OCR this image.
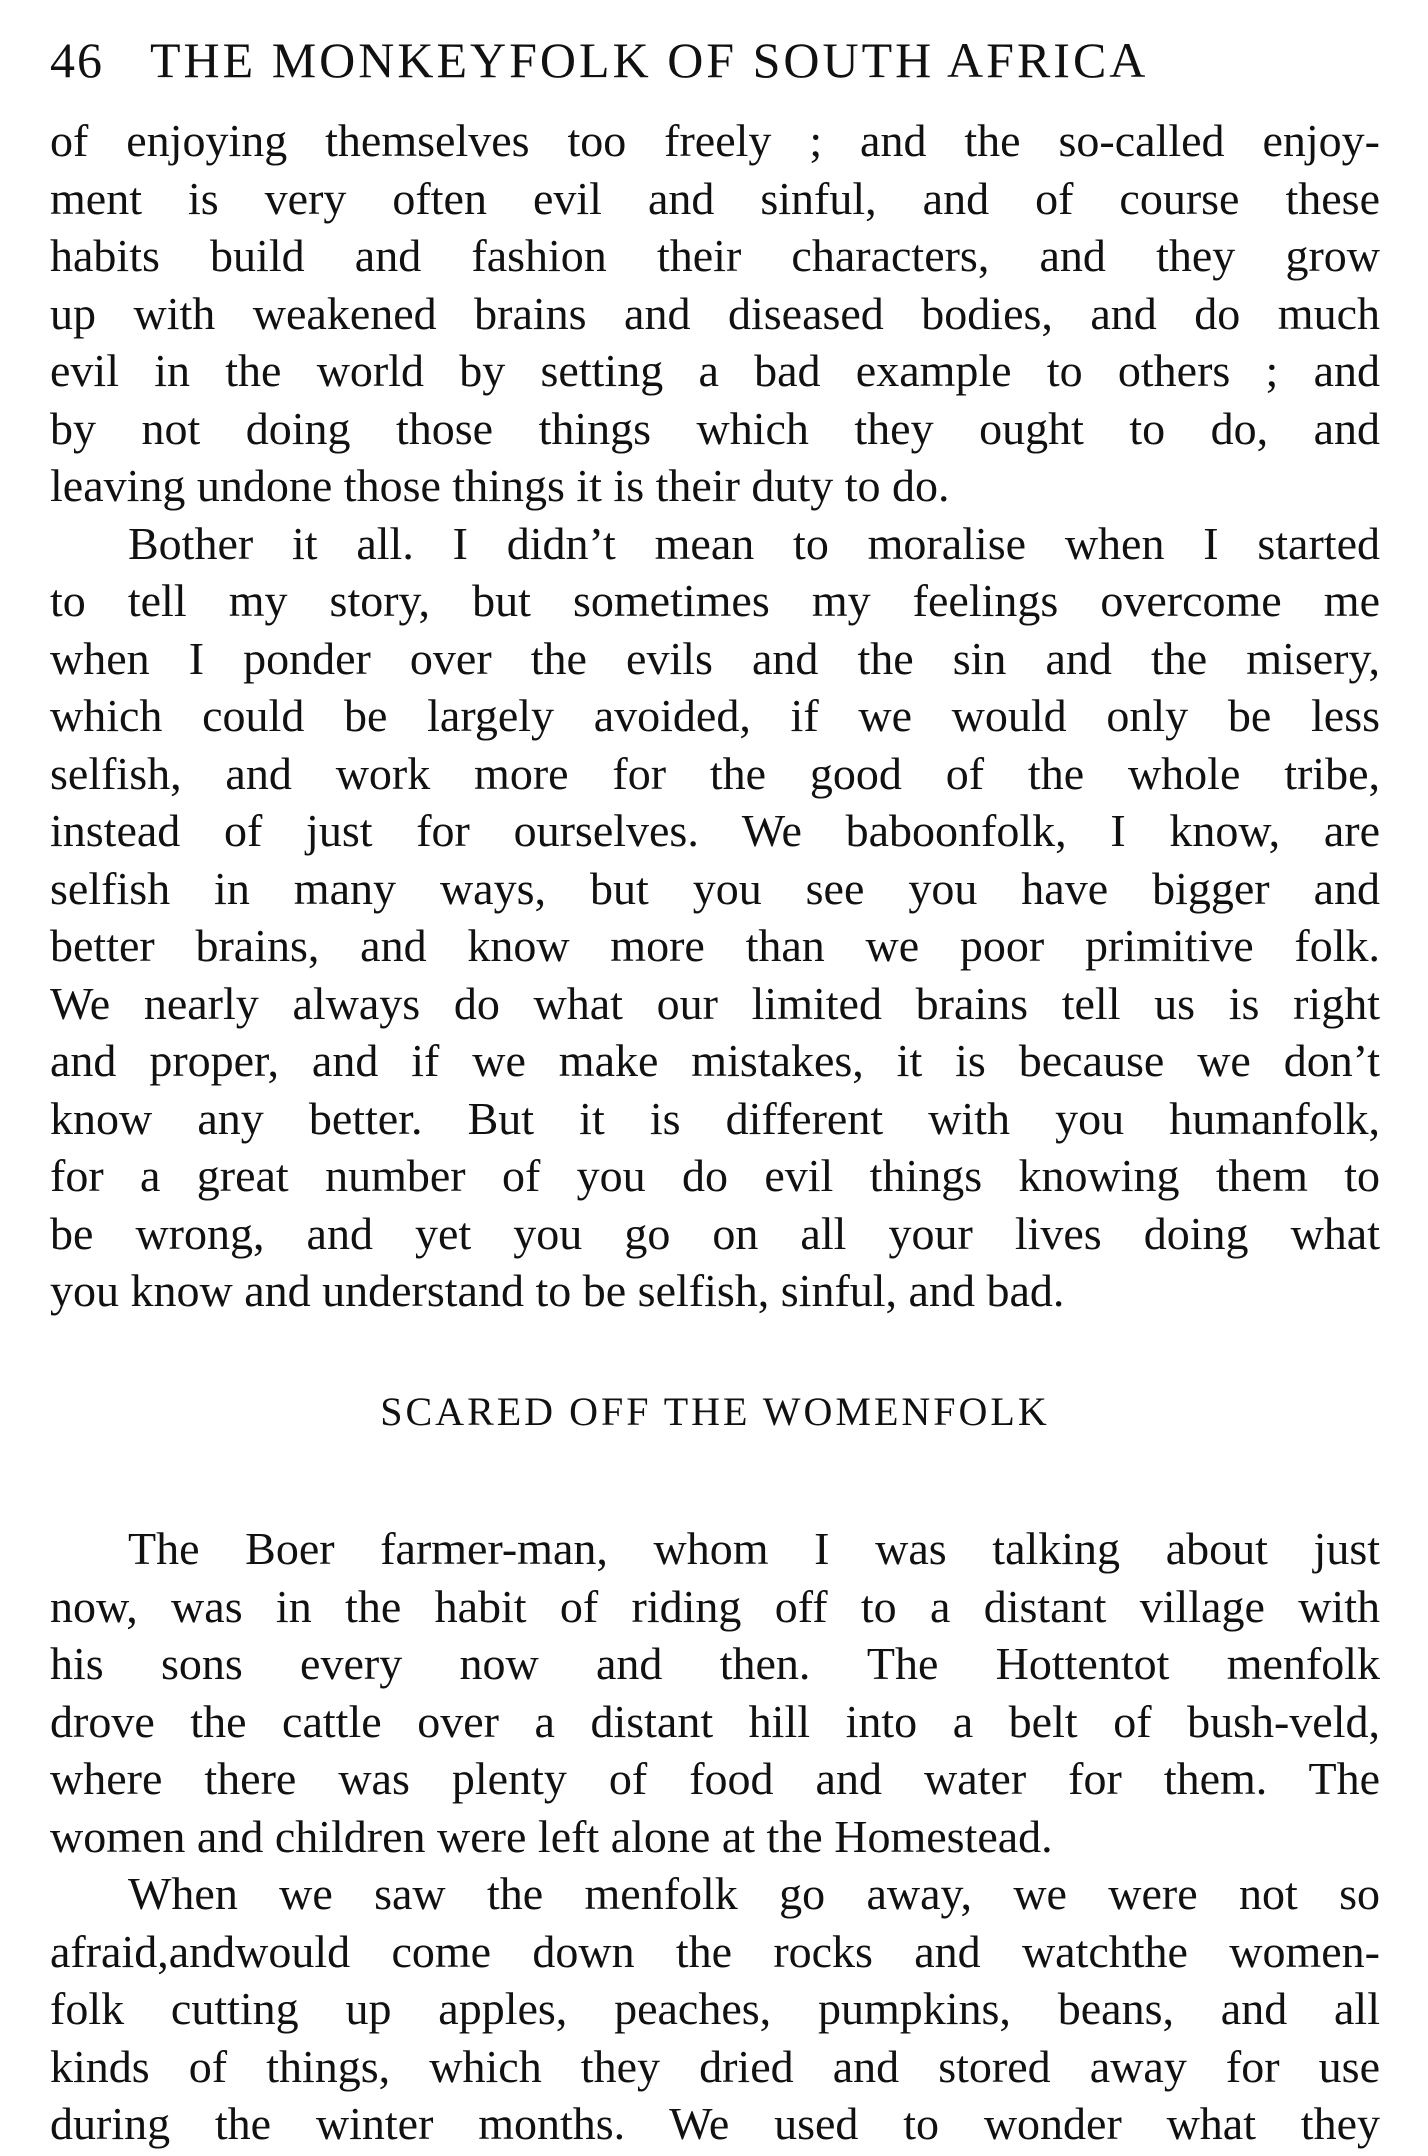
46 THE MONKEYFOLK OF SOUTH AFRICA
of enjoying themselves too freely ; and the so-called enjoy-
ment is very often evil and sinful, and of course these
habits build and fashion their characters, and they grow
up with weakened brains and diseased bodies, and do much
evil in the world by setting a bad example to others ; and
by not doing those things which they ought to do, and
leaving undone those things it is their duty to do.
Bother it all. I didn’t mean to moralise when I started
to tell my story, but sometimes my feelings overcome me
when I ponder over the evils and the sin and the misery,
which could be largely avoided, if we would only be less
selfish, and work more for the good of the whole tribe,
instead of just for ourselves. We baboonfolk, I know, are
selfish in many ways, but you see you have bigger and
better brains, and know more than we poor primitive folk.
We nearly always do what our limited brains tell us is right
and proper, and if we make mistakes, it is because we don’t
know any better. But it is different with you humanfolk,
for a great number of you do evil things knowing them to
be wrong, and yet you go on all your lives doing what
you know and understand to be selfish, sinful, and bad.
SCARED OFF THE WOMENFOLK
The Boer farmer-man, whom I was talking about just
now, was in the habit of riding off to a distant village with
his sons every now and then. The Hottentot menfolk
drove the cattle over a distant hill into a belt of bush-veld,
where there was plenty of food and water for them. The
women and children were left alone at the Homestead.
When we saw the menfolk go away, we were not so
afraid,andwould come down the rocks and watchthe women-
folk cutting up apples, peaches, pumpkins, beans, and all
kinds of things, which they dried and stored away for use
during the winter months. We used to wonder what they
